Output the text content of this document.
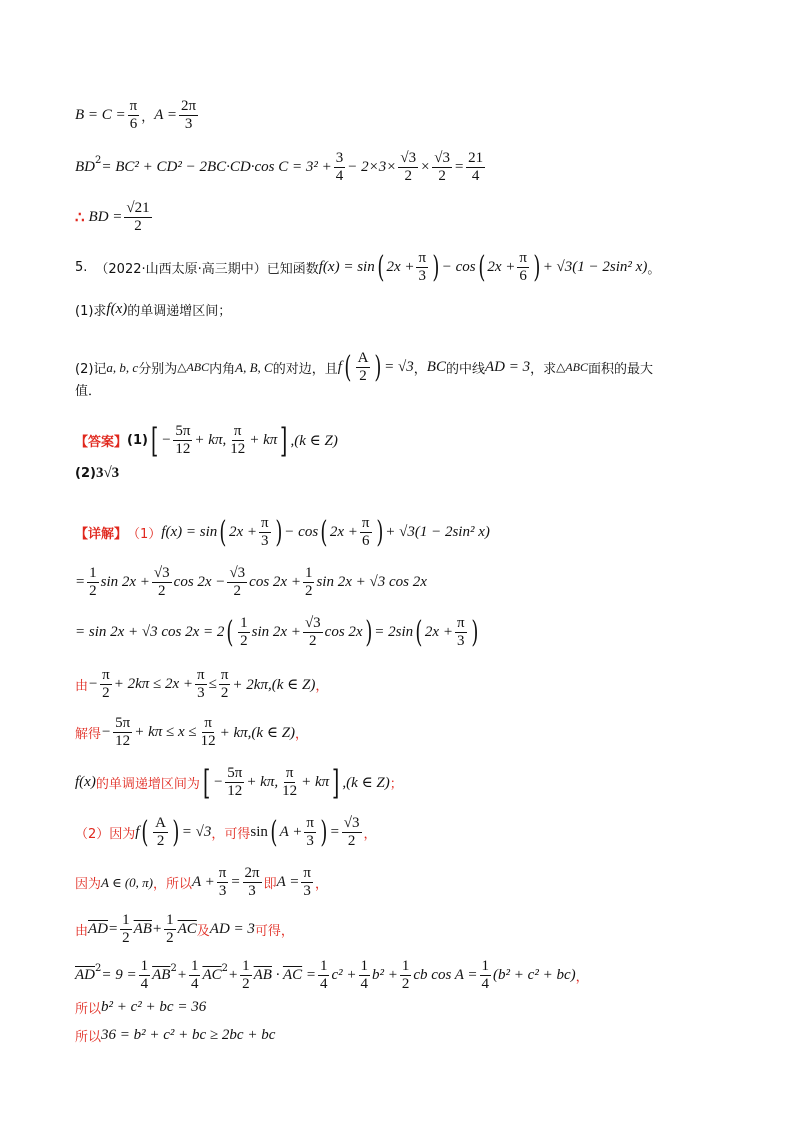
$B = C = \frac{\pi}{6}$ ， $A = \frac{2\pi}{3}$
BD 2 = BC² + CD² − 2BC·CD·cos $C = 3^2 + \frac{3}{4} - 2\times 3\times \frac{√3}{2} \times \frac{√3}{2} = \frac{21}{4}$
∴ BD = $\frac{√21}{2}$
5. （2022·山西太原·高三期中）已知函数 f(x) = sin ( $2x + \frac{\pi}{3}$ ) − cos ( $2x + \frac{\pi}{6}$ ) + √3(1 − 2sin² x) 。
(1)求 f(x) 的单调递增区间；
(2)记 a, b, c 分别为 △ABC 内角 A, B, C 的对边，且 f ( $\frac{A}{2}$ ) = √3 ， BC 的中线 AD = 3 ，求 △ABC 面积的最大
值．
【答案】 (1) [ − $\frac{5\pi}{12} + k\pi$, $\frac{\pi}{12} + k\pi$ ] ,(k ∈ Z)
(2) 3√3
【详解】 （1） f(x) = sin ( $2x + \frac{\pi}{3}$ ) − cos ( $2x + \frac{\pi}{6}$ ) + √3(1 − 2sin² x)
= $\frac{1}{2}$ $\sin 2x + \frac{√3}{2}$ $\cos 2x - \frac{√3}{2}$ $\cos 2x + \frac{1}{2}$ sin 2x + √3 cos 2x
= sin 2x + √3 cos 2x = 2 ( $\frac{1}{2}$ $\sin 2x + \frac{√3}{2}$ cos 2x ) = 2sin ( $2x + \frac{\pi}{3}$ )
由 − $\frac{\pi}{2} + 2k\pi \le 2x + \frac{\pi}{3} \le \frac{\pi}{2} + 2k\pi,(k$ ∈ Z) ，
解得 − $\frac{5\pi}{12} + k\pi \le x \le \frac{\pi}{12} + k\pi,(k$ ∈ Z) ，
f(x) 的单调递增区间为 [ − $\frac{5\pi}{12} + k\pi$, $\frac{\pi}{12} + k\pi$ ] ,(k ∈ Z) ；
（2）因为 f ( $\frac{A}{2}$ ) = √3 ，可得 sin ( $A + \frac{\pi}{3}$ ) = $\frac{√3}{2}$ ，
因为 A ∈ (0, π) ，所以 $A + \frac{\pi}{3} = \frac{2\pi}{3}$ 即 $A = \frac{\pi}{3}$ ，
由 $\overline{AD} = \frac{1}{2} \overline{AB} + \frac{1}{2} \overline{AC}$ 及 AD = 3 可得，
$\overline{AD}$ $2 = 9 = \frac{1}{4} \overline{AB}$ $2 + \frac{1}{4} \overline{AC}$ $2 + \frac{1}{2} \overline{AB} \cdot \overline{AC} = \frac{1}{4} c^2 + \frac{1}{4} b^2 + \frac{1}{2}$ cb $\cos A = \frac{1}{4} (b^2 + c^2 + bc)$ ，
所以 b² + c² + bc = 36
所以 36 = b² + c² + bc ≥ 2bc + bc
